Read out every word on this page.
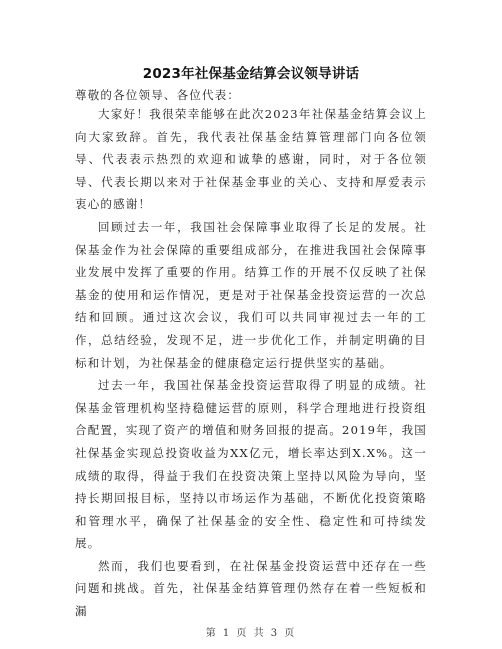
2023年社保基金结算会议领导讲话
尊敬的各位领导、各位代表：

大家好！我很荣幸能够在此次2023年社保基金结算会议上向大家致辞。首先，我代表社保基金结算管理部门向各位领导、代表表示热烈的欢迎和诚挚的感谢，同时，对于各位领导、代表长期以来对于社保基金事业的关心、支持和厚爱表示衷心的感谢！

回顾过去一年，我国社会保障事业取得了长足的发展。社保基金作为社会保障的重要组成部分，在推进我国社会保障事业发展中发挥了重要的作用。结算工作的开展不仅反映了社保基金的使用和运作情况，更是对于社保基金投资运营的一次总结和回顾。通过这次会议，我们可以共同审视过去一年的工作，总结经验，发现不足，进一步优化工作，并制定明确的目标和计划，为社保基金的健康稳定运行提供坚实的基础。

过去一年，我国社保基金投资运营取得了明显的成绩。社保基金管理机构坚持稳健运营的原则，科学合理地进行投资组合配置，实现了资产的增值和财务回报的提高。2019年，我国社保基金实现总投资收益为XX亿元，增长率达到X.X%。这一成绩的取得，得益于我们在投资决策上坚持以风险为导向，坚持长期回报目标，坚持以市场运作为基础，不断优化投资策略和管理水平，确保了社保基金的安全性、稳定性和可持续发展。

然而，我们也要看到，在社保基金投资运营中还存在一些问题和挑战。首先，社保基金结算管理仍然存在着一些短板和漏

第 1 页 共 3 页
